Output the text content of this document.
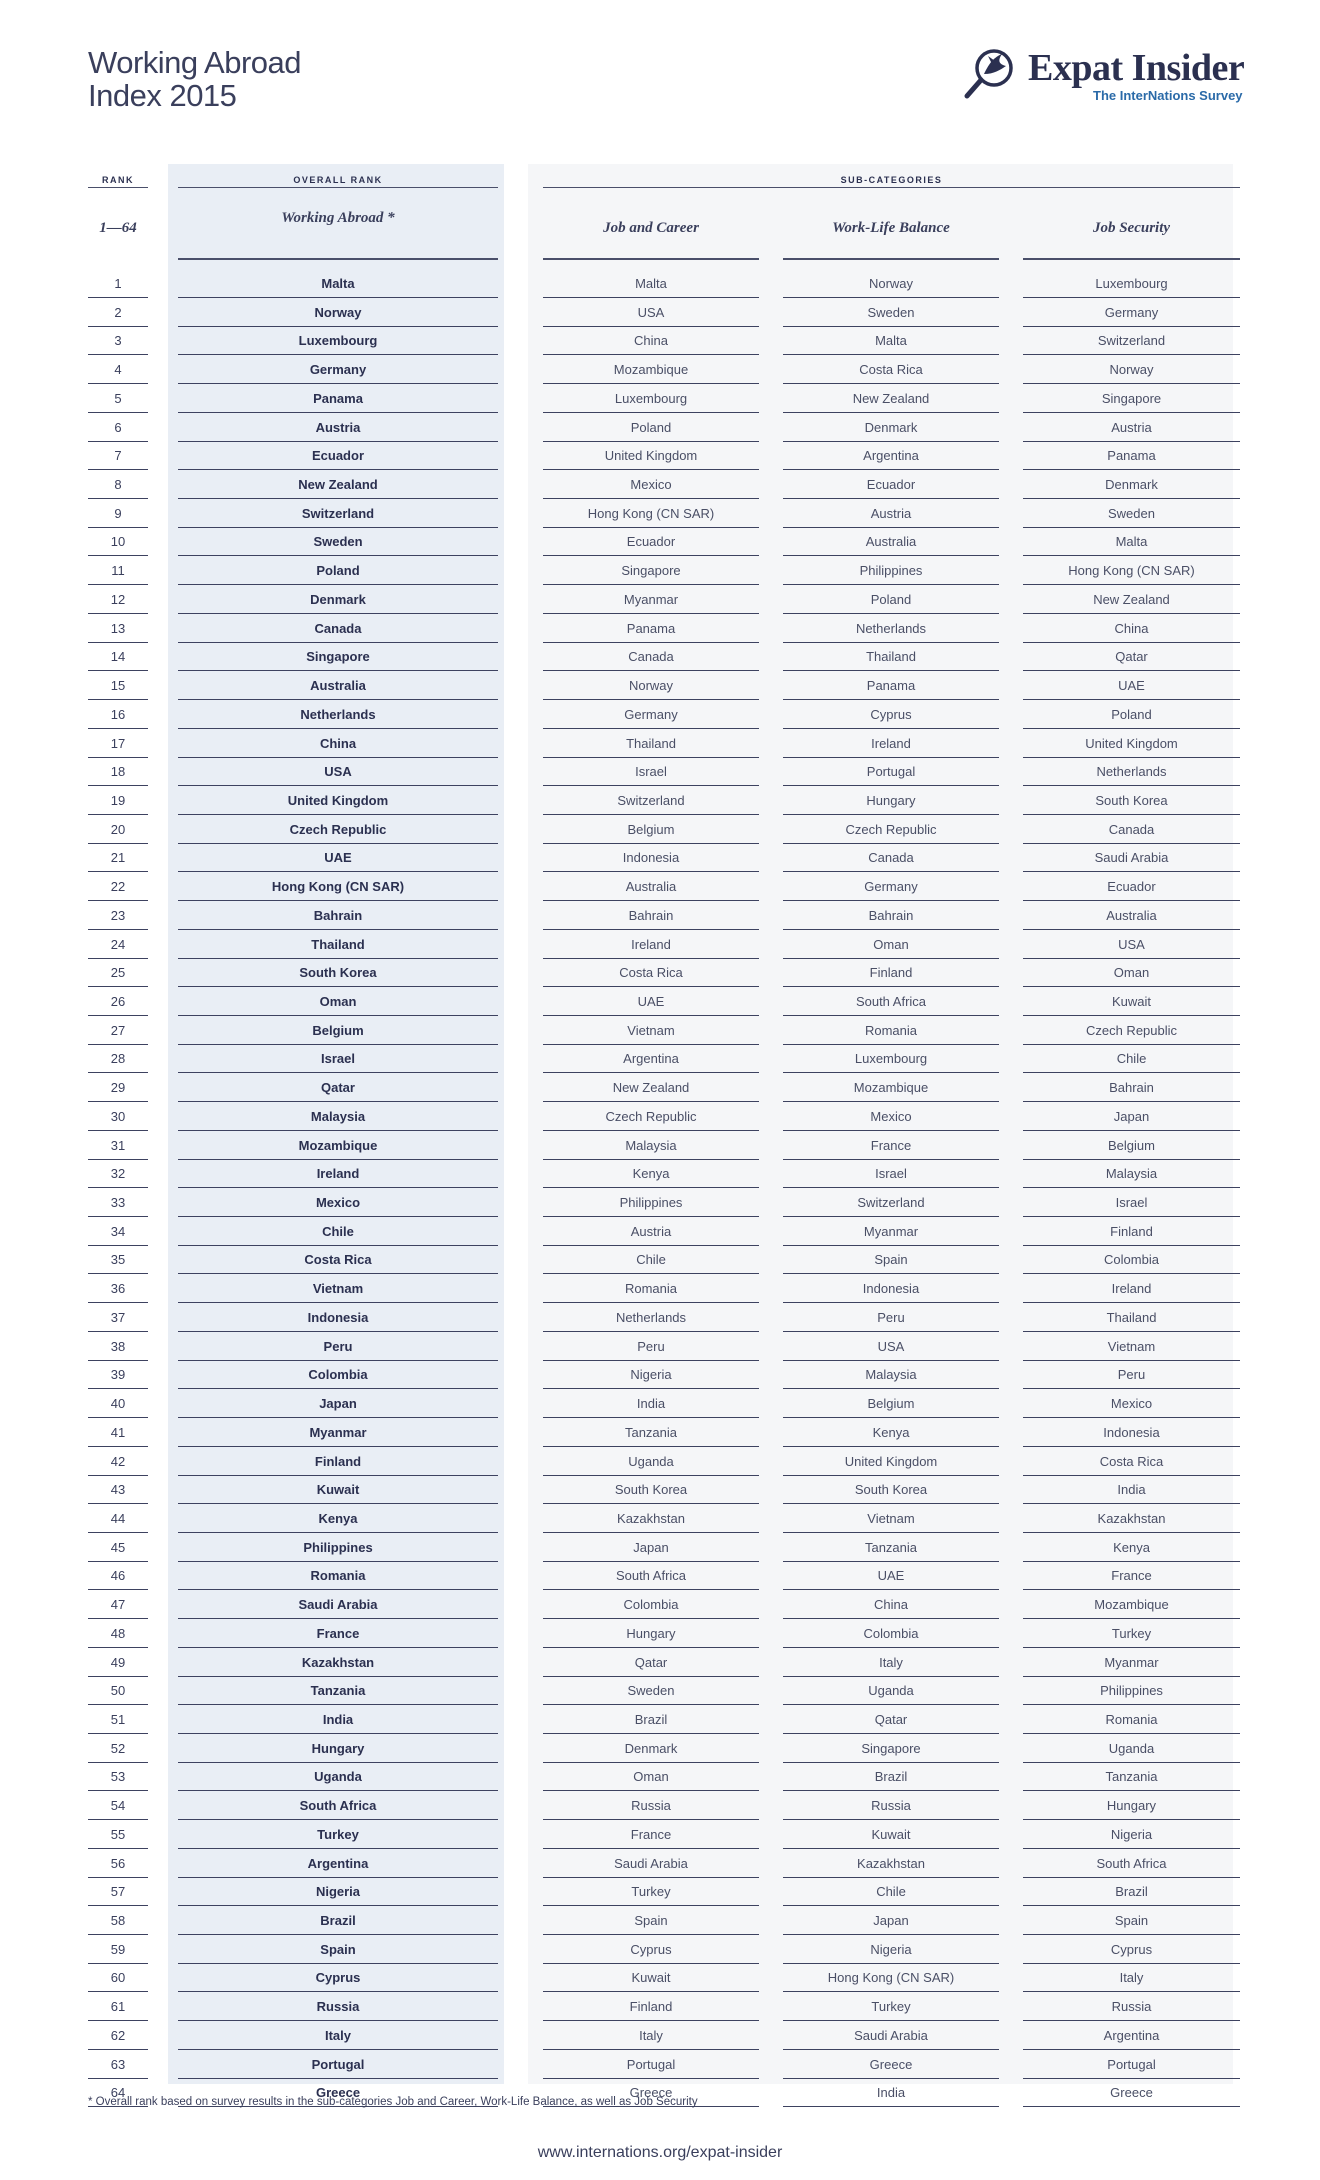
Working Abroad
Index 2015
Expat Insider
The InterNations Survey
RANK	OVERALL RANK	SUB-CATEGORIES
1—64
Working Abroad *
Job and Career	Work-Life Balance	Job Security
1	Malta	Malta	Norway	Luxembourg
2	Norway	USA	Sweden	Germany
3	Luxembourg	China	Malta	Switzerland
4	Germany	Mozambique	Costa Rica	Norway
5	Panama	Luxembourg	New Zealand	Singapore
6	Austria	Poland	Denmark	Austria
7	Ecuador	United Kingdom	Argentina	Panama
8	New Zealand	Mexico	Ecuador	Denmark
9	Switzerland	Hong Kong (CN SAR)	Austria	Sweden
10	Sweden	Ecuador	Australia	Malta
11	Poland	Singapore	Philippines	Hong Kong (CN SAR)
12	Denmark	Myanmar	Poland	New Zealand
13	Canada	Panama	Netherlands	China
14	Singapore	Canada	Thailand	Qatar
15	Australia	Norway	Panama	UAE
16	Netherlands	Germany	Cyprus	Poland
17	China	Thailand	Ireland	United Kingdom
18	USA	Israel	Portugal	Netherlands
19	United Kingdom	Switzerland	Hungary	South Korea
20	Czech Republic	Belgium	Czech Republic	Canada
21	UAE	Indonesia	Canada	Saudi Arabia
22	Hong Kong (CN SAR)	Australia	Germany	Ecuador
23	Bahrain	Bahrain	Bahrain	Australia
24	Thailand	Ireland	Oman	USA
25	South Korea	Costa Rica	Finland	Oman
26	Oman	UAE	South Africa	Kuwait
27	Belgium	Vietnam	Romania	Czech Republic
28	Israel	Argentina	Luxembourg	Chile
29	Qatar	New Zealand	Mozambique	Bahrain
30	Malaysia	Czech Republic	Mexico	Japan
31	Mozambique	Malaysia	France	Belgium
32	Ireland	Kenya	Israel	Malaysia
33	Mexico	Philippines	Switzerland	Israel
34	Chile	Austria	Myanmar	Finland
35	Costa Rica	Chile	Spain	Colombia
36	Vietnam	Romania	Indonesia	Ireland
37	Indonesia	Netherlands	Peru	Thailand
38	Peru	Peru	USA	Vietnam
39	Colombia	Nigeria	Malaysia	Peru
40	Japan	India	Belgium	Mexico
41	Myanmar	Tanzania	Kenya	Indonesia
42	Finland	Uganda	United Kingdom	Costa Rica
43	Kuwait	South Korea	South Korea	India
44	Kenya	Kazakhstan	Vietnam	Kazakhstan
45	Philippines	Japan	Tanzania	Kenya
46	Romania	South Africa	UAE	France
47	Saudi Arabia	Colombia	China	Mozambique
48	France	Hungary	Colombia	Turkey
49	Kazakhstan	Qatar	Italy	Myanmar
50	Tanzania	Sweden	Uganda	Philippines
51	India	Brazil	Qatar	Romania
52	Hungary	Denmark	Singapore	Uganda
53	Uganda	Oman	Brazil	Tanzania
54	South Africa	Russia	Russia	Hungary
55	Turkey	France	Kuwait	Nigeria
56	Argentina	Saudi Arabia	Kazakhstan	South Africa
57	Nigeria	Turkey	Chile	Brazil
58	Brazil	Spain	Japan	Spain
59	Spain	Cyprus	Nigeria	Cyprus
60	Cyprus	Kuwait	Hong Kong (CN SAR)	Italy
61	Russia	Finland	Turkey	Russia
62	Italy	Italy	Saudi Arabia	Argentina
63	Portugal	Portugal	Greece	Portugal
64	Greece	Greece	India	Greece
* Overall rank based on survey results in the sub-categories Job and Career, Work-Life Balance, as well as Job Security
www.internations.org/expat-insider
